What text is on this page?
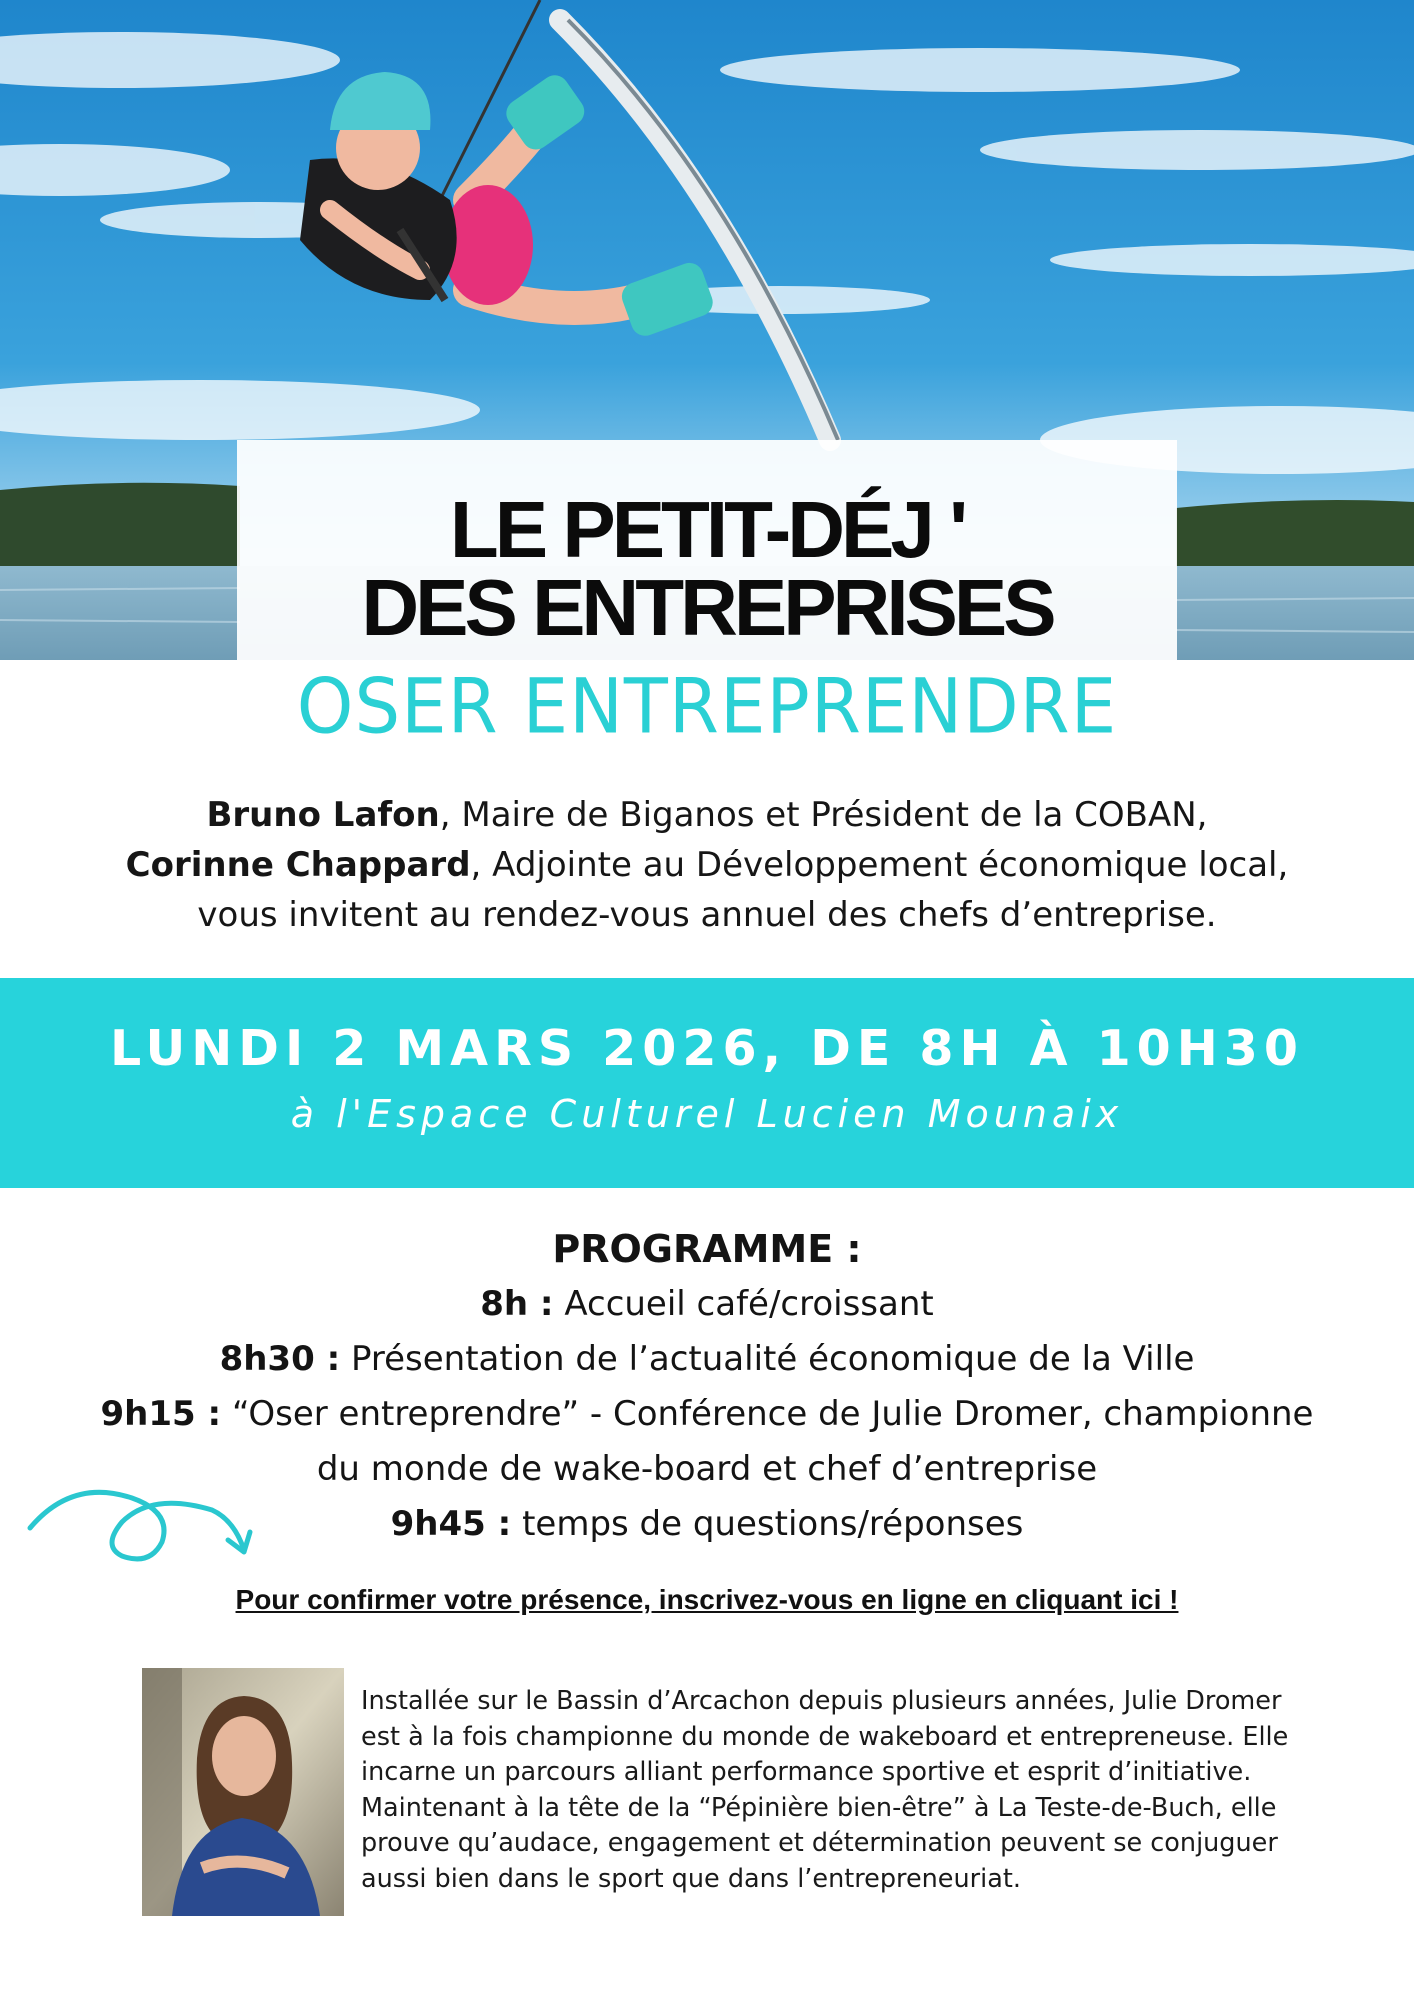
LE PETIT-DÉJ '
DES ENTREPRISES
OSER ENTREPRENDRE
Bruno Lafon, Maire de Biganos et Président de la COBAN,
Corinne Chappard, Adjointe au Développement économique local,
vous invitent au rendez-vous annuel des chefs d’entreprise.
LUNDI 2 MARS 2026, DE 8H À 10H30
à l'Espace Culturel Lucien Mounaix
PROGRAMME :
8h : Accueil café/croissant
8h30 : Présentation de l’actualité économique de la Ville
9h15 : “Oser entreprendre” - Conférence de Julie Dromer, championne
du monde de wake-board et chef d’entreprise
9h45 : temps de questions/réponses
Pour confirmer votre présence, inscrivez-vous en ligne en cliquant ici !
Installée sur le Bassin d’Arcachon depuis plusieurs années, Julie Dromer
est à la fois championne du monde de wakeboard et entrepreneuse. Elle
incarne un parcours alliant performance sportive et esprit d’initiative.
Maintenant à la tête de la “Pépinière bien-être” à La Teste-de-Buch, elle
prouve qu’audace, engagement et détermination peuvent se conjuguer
aussi bien dans le sport que dans l’entrepreneuriat.
